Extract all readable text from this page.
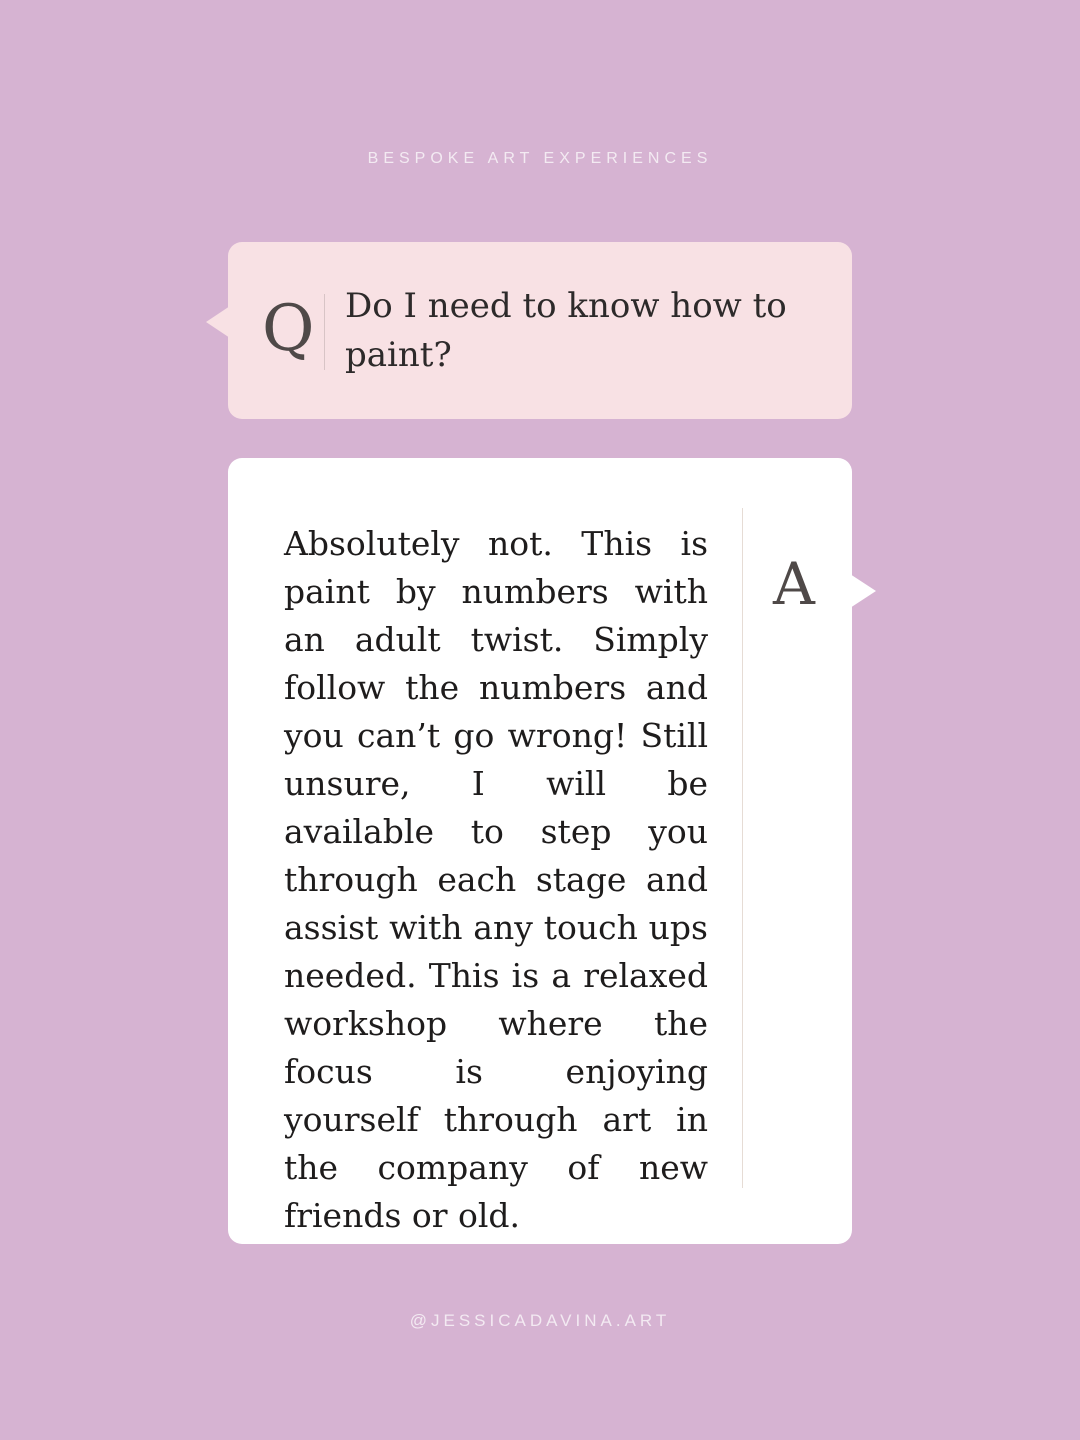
BESPOKE ART EXPERIENCES
Q Do I need to know how to paint?
Absolutely not. This is paint by numbers with an adult twist. Simply follow the numbers and you can’t go wrong! Still unsure, I will be available to step you through each stage and assist with any touch ups needed. This is a relaxed workshop where the focus is enjoying yourself through art in the company of new friends or old.
A
@JESSICADAVINA.ART
